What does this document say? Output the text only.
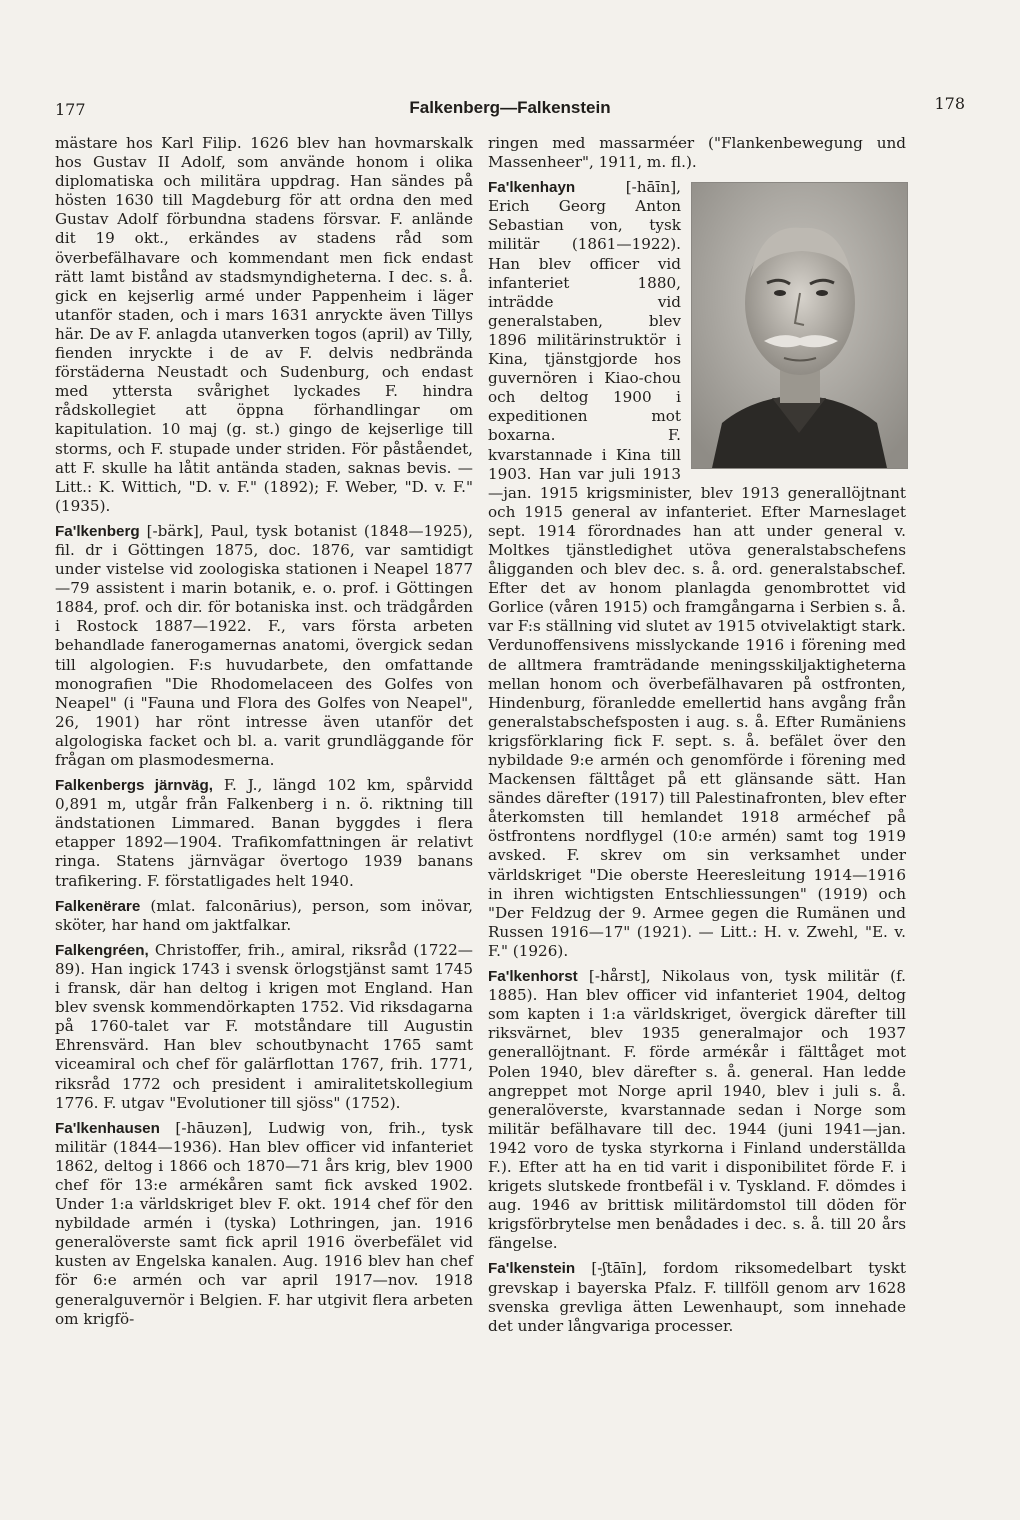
177	Falkenberg—Falkenstein	178

mästare hos Karl Filip. 1626 blev han hovmarskalk hos Gustav II Adolf, som använde honom i olika diplomatiska och militära uppdrag. Han sändes på hösten 1630 till Magdeburg för att ordna den med Gustav Adolf förbundna stadens försvar. F. anlände dit 19 okt., erkändes av stadens råd som överbefälhavare och kommendant men fick endast rätt lamt bistånd av stadsmyndigheterna. I dec. s. å. gick en kejserlig armé under Pappenheim i läger utanför staden, och i mars 1631 anryckte även Tillys här. De av F. anlagda utanverken togos (april) av Tilly, fienden inryckte i de av F. delvis nedbrända förstäderna Neustadt och Sudenburg, och endast med yttersta svårighet lyckades F. hindra rådskollegiet att öppna förhandlingar om kapitulation. 10 maj (g. st.) gingo de kejserlige till storms, och F. stupade under striden. För påståendet, att F. skulle ha låtit antända staden, saknas bevis. — Litt.: K. Wittich, "D. v. F." (1892); F. Weber, "D. v. F." (1935).

Fa'lkenberg [-bärk], Paul, tysk botanist (1848—1925), fil. dr i Göttingen 1875, doc. 1876, var samtidigt under vistelse vid zoologiska stationen i Neapel 1877—79 assistent i marin botanik, e. o. prof. i Göttingen 1884, prof. och dir. för botaniska inst. och trädgården i Rostock 1887—1922. F., vars första arbeten behandlade fanerogamernas anatomi, övergick sedan till algologien. F:s huvudarbete, den omfattande monografien "Die Rhodomelaceen des Golfes von Neapel" (i "Fauna und Flora des Golfes von Neapel", 26, 1901) har rönt intresse även utanför det algologiska facket och bl. a. varit grundläggande för frågan om plasmodesmerna.

Falkenbergs järnväg, F. J., längd 102 km, spårvidd 0,891 m, utgår från Falkenberg i n. ö. riktning till ändstationen Limmared. Banan byggdes i flera etapper 1892—1904. Trafikomfattningen är relativt ringa. Statens järnvägar övertogo 1939 banans trafikering. F. förstatligades helt 1940.

Falkenërare (mlat. falconārius), person, som inövar, sköter, har hand om jaktfalkar.

Falkengréen, Christoffer, frih., amiral, riksråd (1722—89). Han ingick 1743 i svensk örlogstjänst samt 1745 i fransk, där han deltog i krigen mot England. Han blev svensk kommendörkapten 1752. Vid riksdagarna på 1760-talet var F. motståndare till Augustin Ehrensvärd. Han blev schoutbynacht 1765 samt viceamiral och chef för galärflottan 1767, frih. 1771, riksråd 1772 och president i amiralitetskollegium 1776. F. utgav "Evolutioner till sjöss" (1752).

Fa'lkenhausen [-hāuzən], Ludwig von, frih., tysk militär (1844—1936). Han blev officer vid infanteriet 1862, deltog i 1866 och 1870—71 års krig, blev 1900 chef för 13:e armékåren samt fick avsked 1902. Under 1:a världskriget blev F. okt. 1914 chef för den nybildade armén i (tyska) Lothringen, jan. 1916 generalöverste samt fick april 1916 överbefälet vid kusten av Engelska kanalen. Aug. 1916 blev han chef för 6:e armén och var april 1917—nov. 1918 generalguvernör i Belgien. F. har utgivit flera arbeten om krigfö-

ringen med massarméer ("Flankenbewegung und Massenheer", 1911, m. fl.).

Fa'lkenhayn [-hāīn], Erich Georg Anton Sebastian von, tysk militär (1861—1922). Han blev officer vid infanteriet 1880, inträdde vid generalstaben, blev 1896 militärinstruktör i Kina, tjänstgjorde hos guvernören i Kiao-chou och deltog 1900 i expeditionen mot boxarna. F. kvarstannade i Kina till 1903. Han var juli 1913—jan. 1915 krigsminister, blev 1913 generallöjtnant och 1915 general av infanteriet. Efter Marneslaget sept. 1914 förordnades han att under general v. Moltkes tjänstledighet utöva generalstabschefens åligganden och blev dec. s. å. ord. generalstabschef. Efter det av honom planlagda genombrottet vid Gorlice (våren 1915) och framgångarna i Serbien s. å. var F:s ställning vid slutet av 1915 otvivelaktigt stark. Verdunoffensivens misslyckande 1916 i förening med de alltmera framträdande meningsskiljaktigheterna mellan honom och överbefälhavaren på ostfronten, Hindenburg, föranledde emellertid hans avgång från generalstabschefsposten i aug. s. å. Efter Rumäniens krigsförklaring fick F. sept. s. å. befälet över den nybildade 9:e armén och genomförde i förening med Mackensen fälttåget på ett glänsande sätt. Han sändes därefter (1917) till Palestinafronten, blev efter återkomsten till hemlandet 1918 arméchef på östfrontens nordflygel (10:e armén) samt tog 1919 avsked. F. skrev om sin verksamhet under världskriget "Die oberste Heeresleitung 1914—1916 in ihren wichtigsten Entschliessungen" (1919) och "Der Feldzug der 9. Armee gegen die Rumänen und Russen 1916—17" (1921). — Litt.: H. v. Zwehl, "E. v. F." (1926).

Fa'lkenhorst [-hårst], Nikolaus von, tysk militär (f. 1885). Han blev officer vid infanteriet 1904, deltog som kapten i 1:a världskriget, övergick därefter till riksvärnet, blev 1935 generalmajor och 1937 generallöjtnant. F. förde arméкår i fälttåget mot Polen 1940, blev därefter s. å. general. Han ledde angreppet mot Norge april 1940, blev i juli s. å. generalöverste, kvarstannade sedan i Norge som militär befälhavare till dec. 1944 (juni 1941—jan. 1942 voro de tyska styrkorna i Finland underställda F.). Efter att ha en tid varit i disponibilitet förde F. i krigets slutskede frontbefäl i v. Tyskland. F. dömdes i aug. 1946 av brittisk militärdomstol till döden för krigsförbrytelse men benådades i dec. s. å. till 20 års fängelse.

Fa'lkenstein [-ʃtāīn], fordom riksomedelbart tyskt grevskap i bayerska Pfalz. F. tillföll genom arv 1628 svenska grevliga ätten Lewenhaupt, som innehade det under långvariga processer.
